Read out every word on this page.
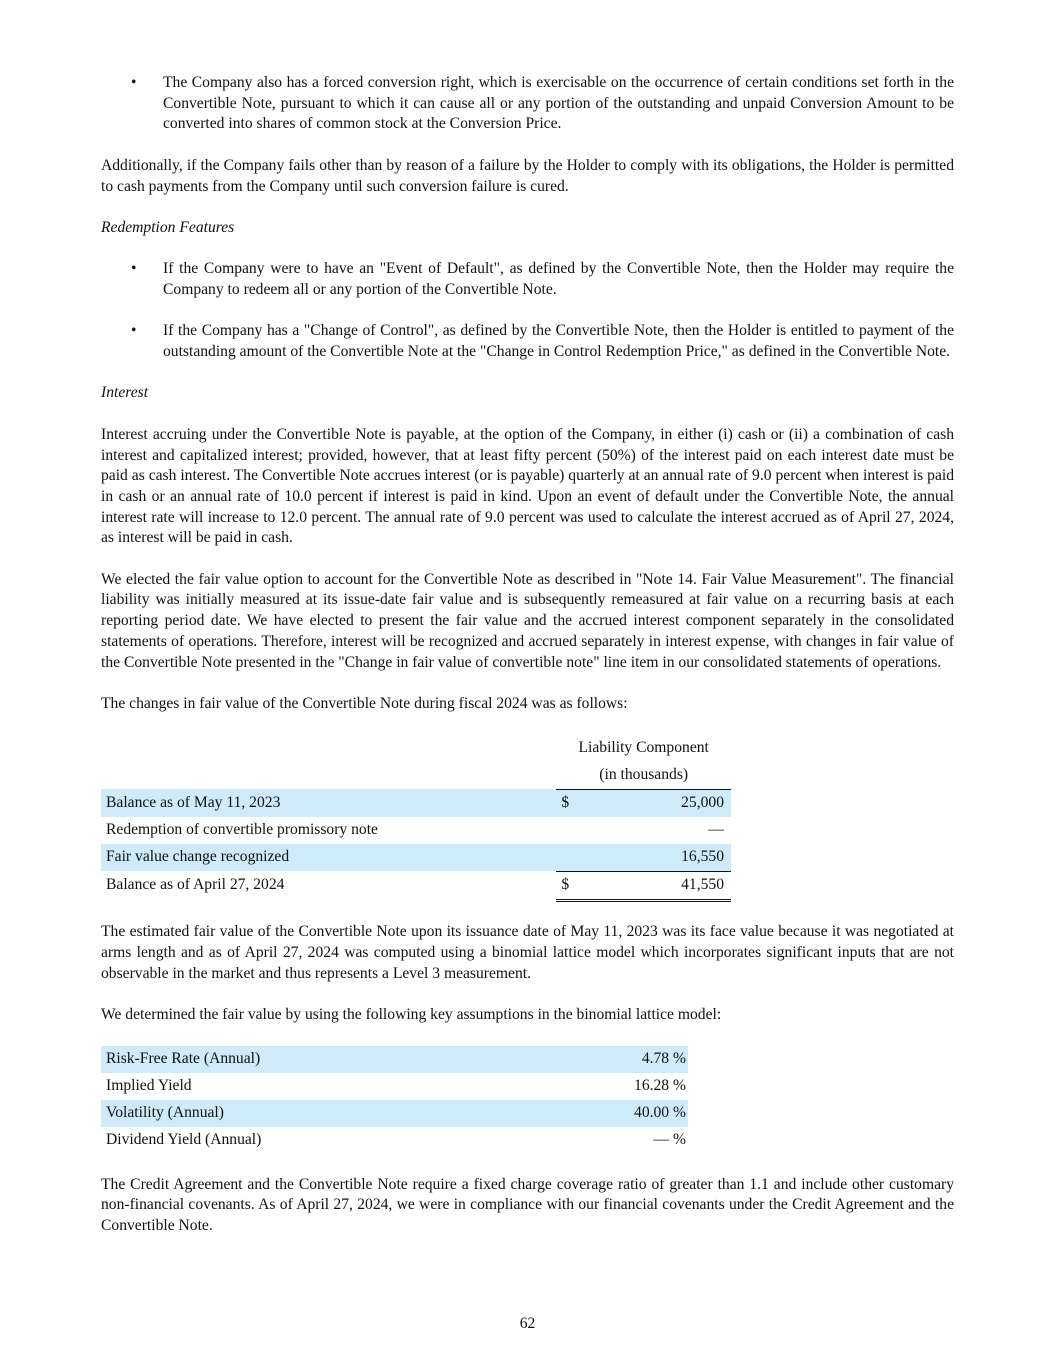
• The Company also has a forced conversion right, which is exercisable on the occurrence of certain conditions set forth in the Convertible Note, pursuant to which it can cause all or any portion of the outstanding and unpaid Conversion Amount to be converted into shares of common stock at the Conversion Price.

Additionally, if the Company fails other than by reason of a failure by the Holder to comply with its obligations, the Holder is permitted to cash payments from the Company until such conversion failure is cured.

Redemption Features

• If the Company were to have an "Event of Default", as defined by the Convertible Note, then the Holder may require the Company to redeem all or any portion of the Convertible Note.

• If the Company has a "Change of Control", as defined by the Convertible Note, then the Holder is entitled to payment of the outstanding amount of the Convertible Note at the "Change in Control Redemption Price," as defined in the Convertible Note.

Interest

Interest accruing under the Convertible Note is payable, at the option of the Company, in either (i) cash or (ii) a combination of cash interest and capitalized interest; provided, however, that at least fifty percent (50%) of the interest paid on each interest date must be paid as cash interest. The Convertible Note accrues interest (or is payable) quarterly at an annual rate of 9.0 percent when interest is paid in cash or an annual rate of 10.0 percent if interest is paid in kind. Upon an event of default under the Convertible Note, the annual interest rate will increase to 12.0 percent. The annual rate of 9.0 percent was used to calculate the interest accrued as of April 27, 2024, as interest will be paid in cash.

We elected the fair value option to account for the Convertible Note as described in "Note 14. Fair Value Measurement". The financial liability was initially measured at its issue-date fair value and is subsequently remeasured at fair value on a recurring basis at each reporting period date. We have elected to present the fair value and the accrued interest component separately in the consolidated statements of operations. Therefore, interest will be recognized and accrued separately in interest expense, with changes in fair value of the Convertible Note presented in the "Change in fair value of convertible note" line item in our consolidated statements of operations.

The changes in fair value of the Convertible Note during fiscal 2024 was as follows:

	Liability Component	
	(in thousands)	
Balance as of May 11, 2023	$	25,000
Redemption of convertible promissory note		—
Fair value change recognized		16,550
Balance as of April 27, 2024	$	41,550

The estimated fair value of the Convertible Note upon its issuance date of May 11, 2023 was its face value because it was negotiated at arms length and as of April 27, 2024 was computed using a binomial lattice model which incorporates significant inputs that are not observable in the market and thus represents a Level 3 measurement.

We determined the fair value by using the following key assumptions in the binomial lattice model:

Risk-Free Rate (Annual)	4.78 %
Implied Yield	16.28 %
Volatility (Annual)	40.00 %
Dividend Yield (Annual)	— %

The Credit Agreement and the Convertible Note require a fixed charge coverage ratio of greater than 1.1 and include other customary non-financial covenants. As of April 27, 2024, we were in compliance with our financial covenants under the Credit Agreement and the Convertible Note.

62
